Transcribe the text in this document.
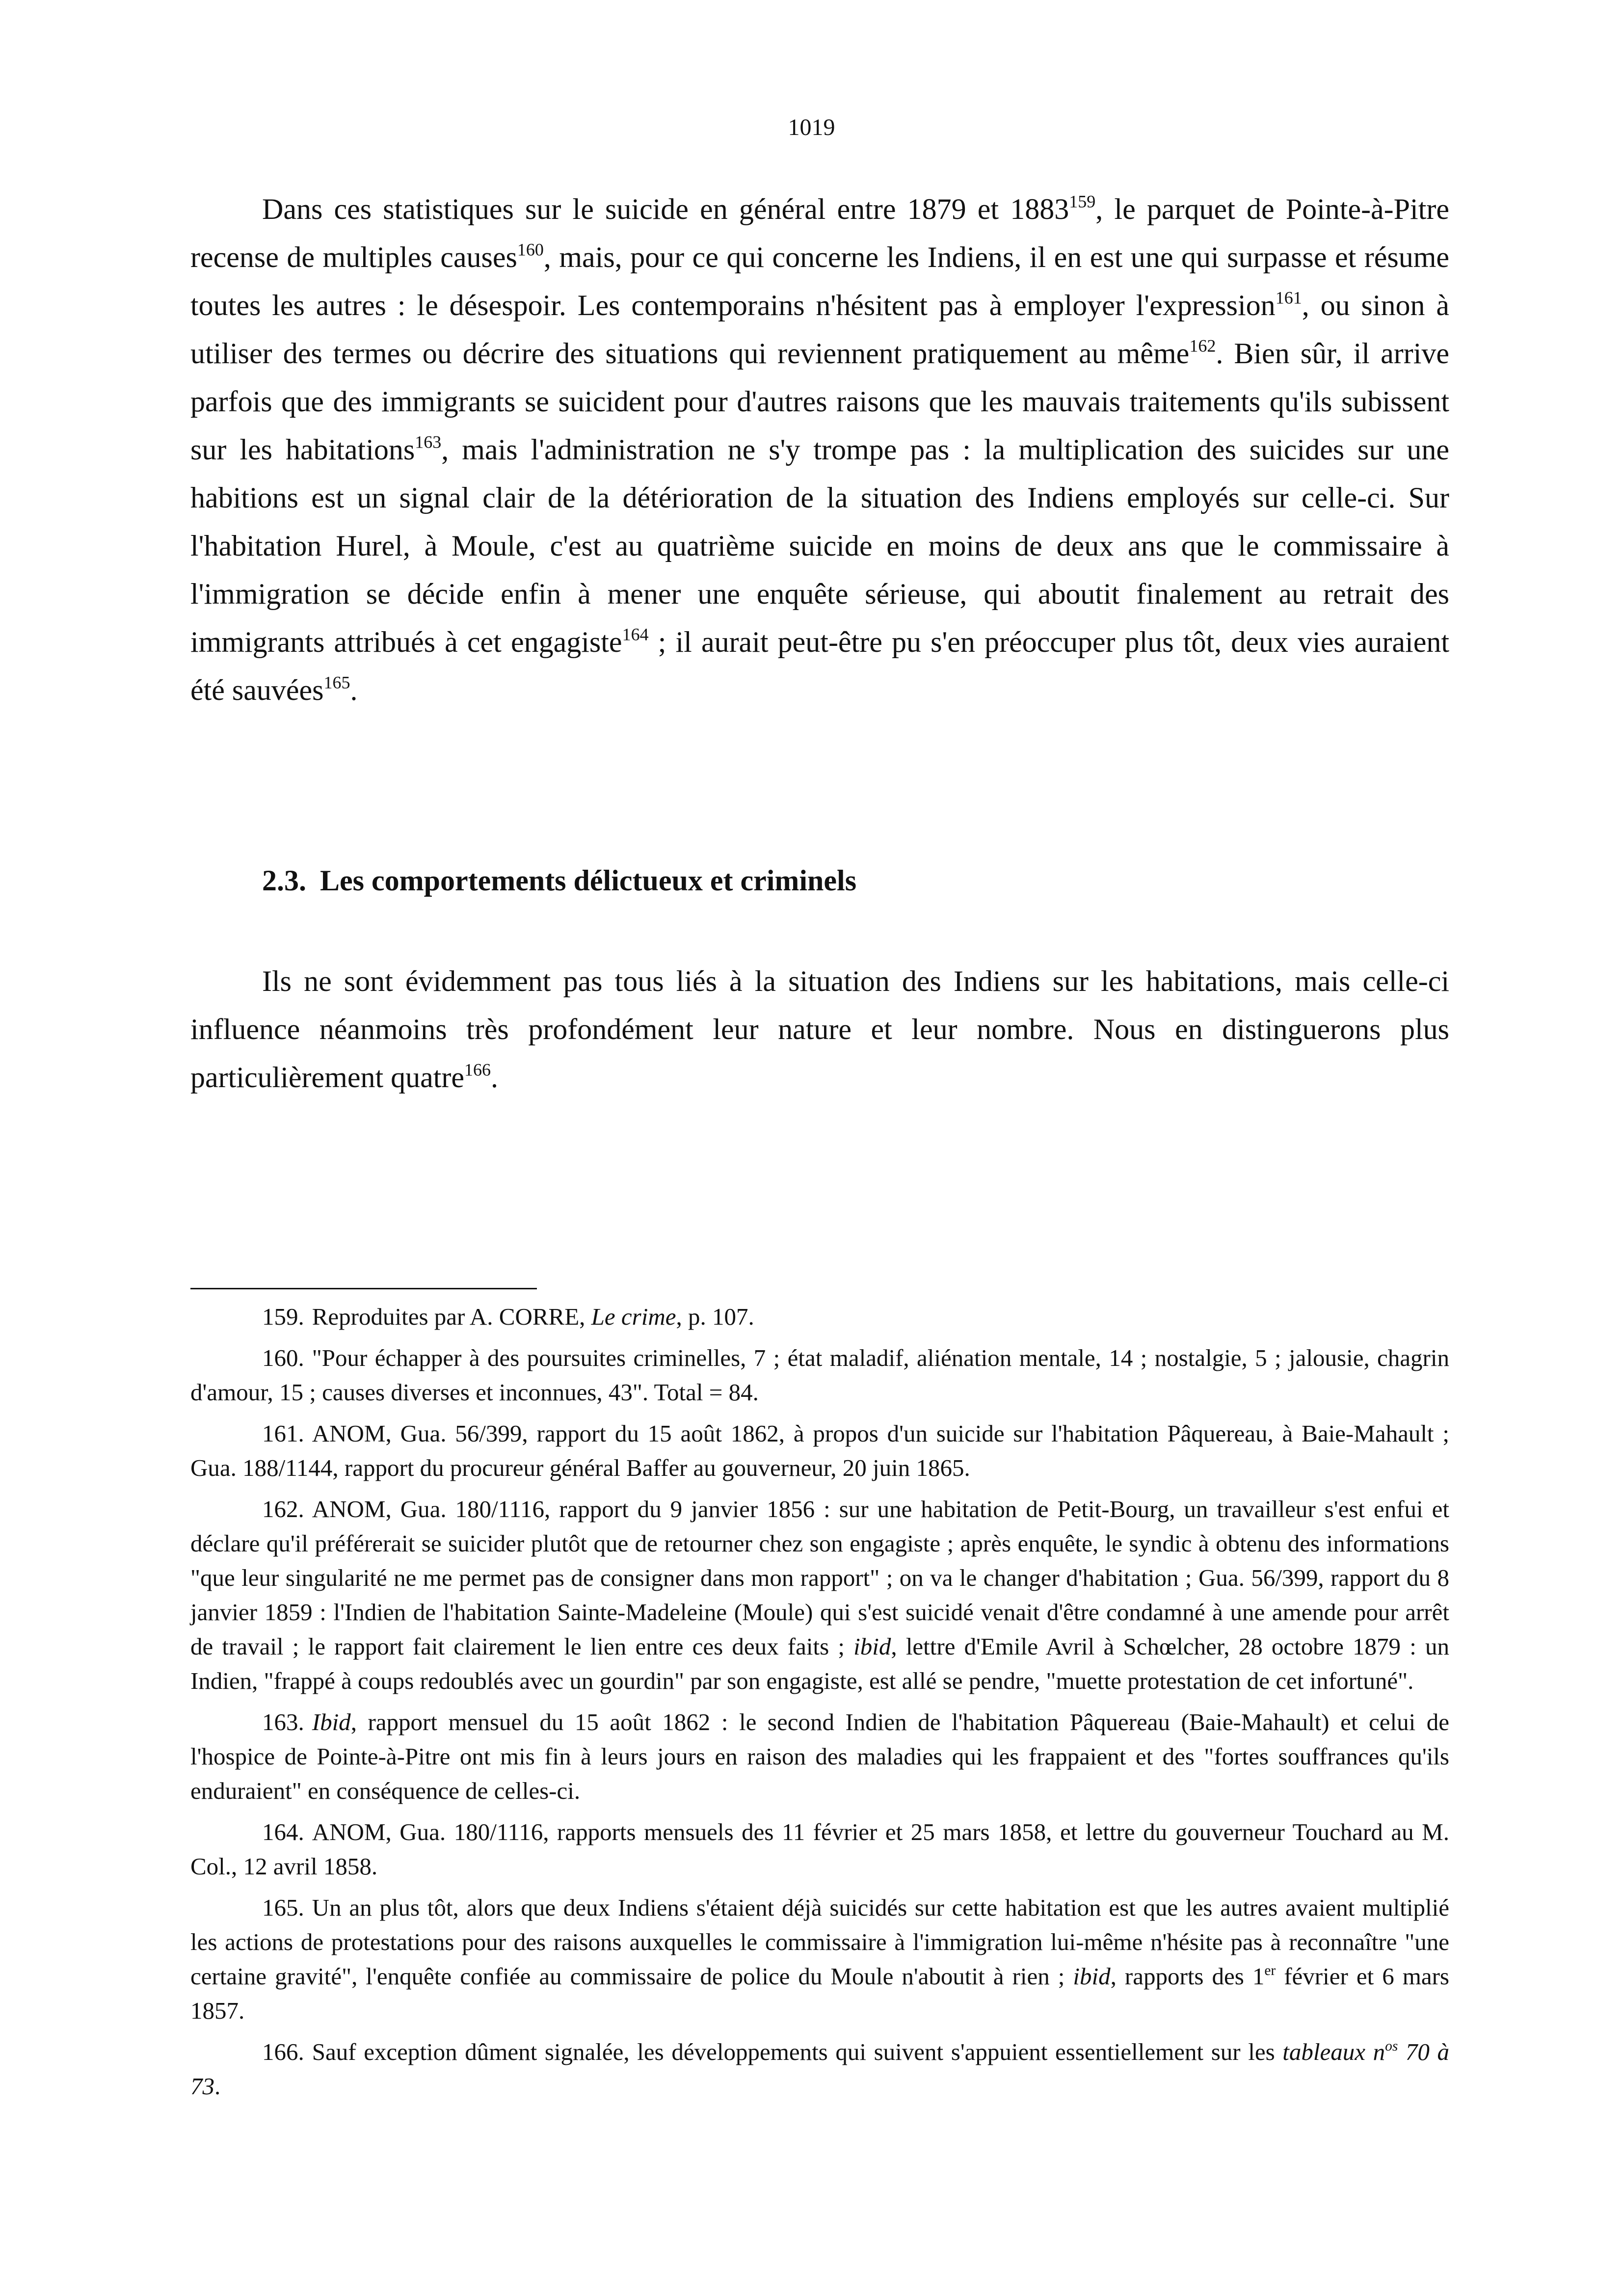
1019

Dans ces statistiques sur le suicide en général entre 1879 et 1883$^{159}$, le parquet de Pointe-à-Pitre recense de multiples causes$^{160}$, mais, pour ce qui concerne les Indiens, il en est une qui surpasse et résume toutes les autres : le désespoir. Les contemporains n'hésitent pas à employer l'expression$^{161}$, ou sinon à utiliser des termes ou décrire des situations qui reviennent pratiquement au même$^{162}$. Bien sûr, il arrive parfois que des immigrants se suicident pour d'autres raisons que les mauvais traitements qu'ils subissent sur les habitations$^{163}$, mais l'administration ne s'y trompe pas : la multiplication des suicides sur une habitions est un signal clair de la détérioration de la situation des Indiens employés sur celle-ci. Sur l'habitation Hurel, à Moule, c'est au quatrième suicide en moins de deux ans que le commissaire à l'immigration se décide enfin à mener une enquête sérieuse, qui aboutit finalement au retrait des immigrants attribués à cet engagiste$^{164}$ ; il aurait peut-être pu s'en préoccuper plus tôt, deux vies auraient été sauvées$^{165}$.

2.3. Les comportements délictueux et criminels

Ils ne sont évidemment pas tous liés à la situation des Indiens sur les habitations, mais celle-ci influence néanmoins très profondément leur nature et leur nombre. Nous en distinguerons plus particulièrement quatre$^{166}$.

159. Reproduites par A. CORRE, Le crime, p. 107.

160. "Pour échapper à des poursuites criminelles, 7 ; état maladif, aliénation mentale, 14 ; nostalgie, 5 ; jalousie, chagrin d'amour, 15 ; causes diverses et inconnues, 43". Total = 84.

161. ANOM, Gua. 56/399, rapport du 15 août 1862, à propos d'un suicide sur l'habitation Pâquereau, à Baie-Mahault ; Gua. 188/1144, rapport du procureur général Baffer au gouverneur, 20 juin 1865.

162. ANOM, Gua. 180/1116, rapport du 9 janvier 1856 : sur une habitation de Petit-Bourg, un travailleur s'est enfui et déclare qu'il préférerait se suicider plutôt que de retourner chez son engagiste ; après enquête, le syndic à obtenu des informations "que leur singularité ne me permet pas de consigner dans mon rapport" ; on va le changer d'habitation ; Gua. 56/399, rapport du 8 janvier 1859 : l'Indien de l'habitation Sainte-Madeleine (Moule) qui s'est suicidé venait d'être condamné à une amende pour arrêt de travail ; le rapport fait clairement le lien entre ces deux faits ; ibid, lettre d'Emile Avril à Schœlcher, 28 octobre 1879 : un Indien, "frappé à coups redoublés avec un gourdin" par son engagiste, est allé se pendre, "muette protestation de cet infortuné".

163. Ibid, rapport mensuel du 15 août 1862 : le second Indien de l'habitation Pâquereau (Baie-Mahault) et celui de l'hospice de Pointe-à-Pitre ont mis fin à leurs jours en raison des maladies qui les frappaient et des "fortes souffrances qu'ils enduraient" en conséquence de celles-ci.

164. ANOM, Gua. 180/1116, rapports mensuels des 11 février et 25 mars 1858, et lettre du gouverneur Touchard au M. Col., 12 avril 1858.

165. Un an plus tôt, alors que deux Indiens s'étaient déjà suicidés sur cette habitation est que les autres avaient multiplié les actions de protestations pour des raisons auxquelles le commissaire à l'immigration lui-même n'hésite pas à reconnaître "une certaine gravité", l'enquête confiée au commissaire de police du Moule n'aboutit à rien ; ibid, rapports des 1er février et 6 mars 1857.

166. Sauf exception dûment signalée, les développements qui suivent s'appuient essentiellement sur les tableaux $n^{os}$ 70 à 73.
